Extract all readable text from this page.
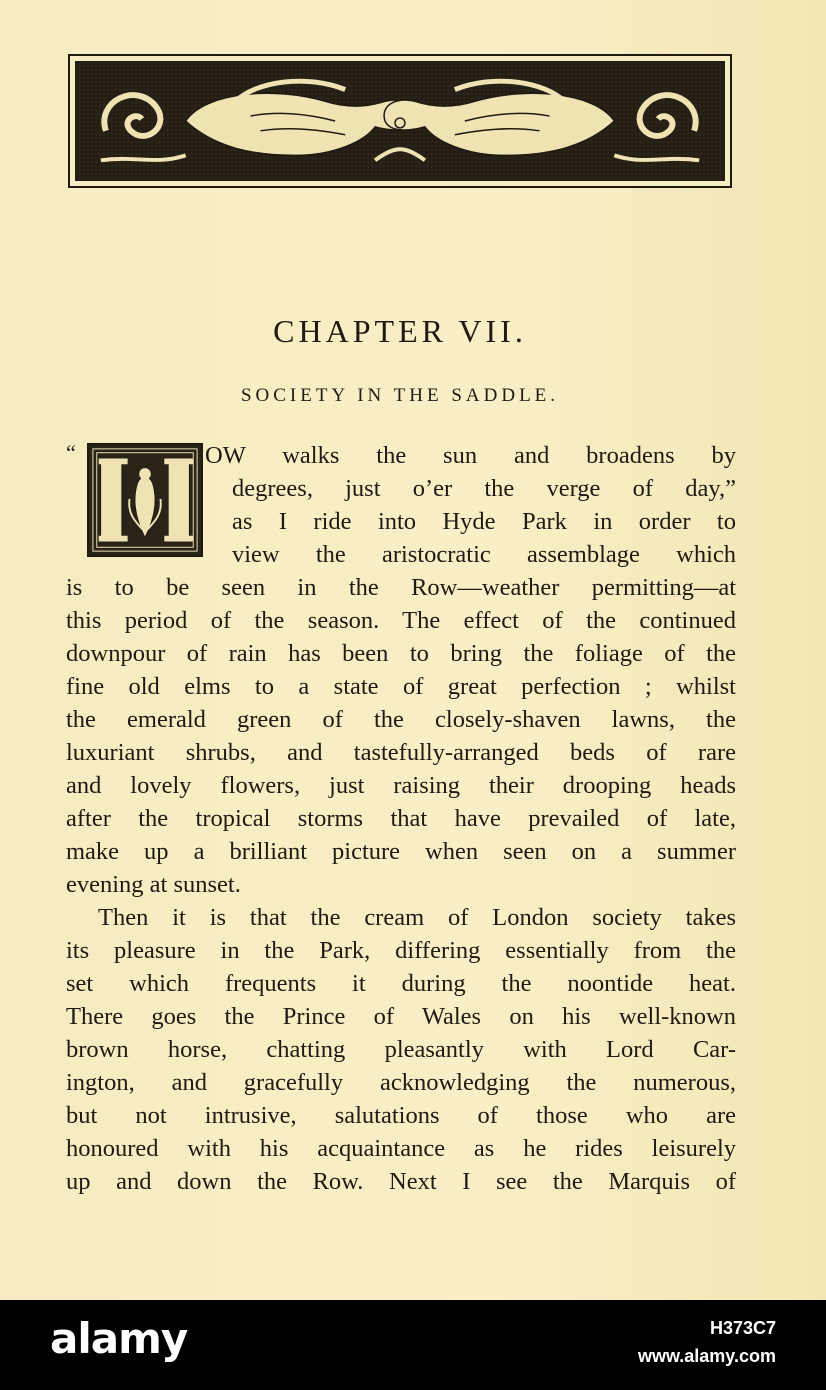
CHAPTER VII.
SOCIETY IN THE SADDLE.
“	OW walks the sun and broadens by
degrees, just o’er the verge of day,”
as I ride into Hyde Park in order to
view the aristocratic assemblage which
is to be seen in the Row—weather permitting—at
this period of the season. The effect of the continued
downpour of rain has been to bring the foliage of the
fine old elms to a state of great perfection ; whilst
the emerald green of the closely-shaven lawns, the
luxuriant shrubs, and tastefully-arranged beds of rare
and lovely flowers, just raising their drooping heads
after the tropical storms that have prevailed of late,
make up a brilliant picture when seen on a summer
evening at sunset.
Then it is that the cream of London society takes
its pleasure in the Park, differing essentially from the
set which frequents it during the noontide heat.
There goes the Prince of Wales on his well-known
brown horse, chatting pleasantly with Lord Car-
ington, and gracefully acknowledging the numerous,
but not intrusive, salutations of those who are
honoured with his acquaintance as he rides leisurely
up and down the Row. Next I see the Marquis of
alamy	H373C7
www.alamy.com
